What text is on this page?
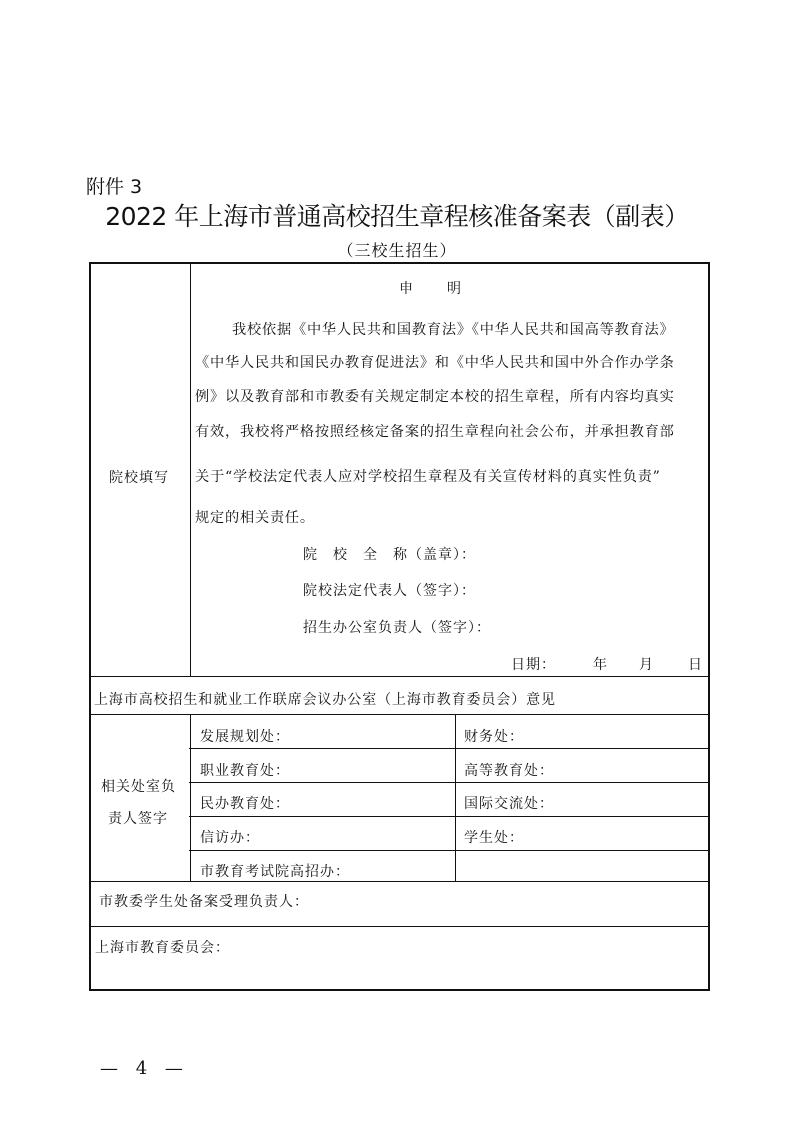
附件 3
2022 年上海市普通高校招生章程核准备案表（副表）
（三校生招生）
院校填写
申　　明
我校依据《中华人民共和国教育法》《中华人民共和国高等教育法》
《中华人民共和国民办教育促进法》和《中华人民共和国中外合作办学条
例》以及教育部和市教委有关规定制定本校的招生章程，所有内容均真实
有效，我校将严格按照经核定备案的招生章程向社会公布，并承担教育部
关于“学校法定代表人应对学校招生章程及有关宣传材料的真实性负责”
规定的相关责任。
院　校　全　称（盖章）：
院校法定代表人（签字）：
招生办公室负责人（签字）：
日期：	年 月 日
上海市高校招生和就业工作联席会议办公室（上海市教育委员会）意见
相关处室负
责人签字
发展规划处：	财务处：
职业教育处：	高等教育处：
民办教育处：	国际交流处：
信访办：	学生处：
市教育考试院高招办：
市教委学生处备案受理负责人：
上海市教育委员会：
— 4 —
